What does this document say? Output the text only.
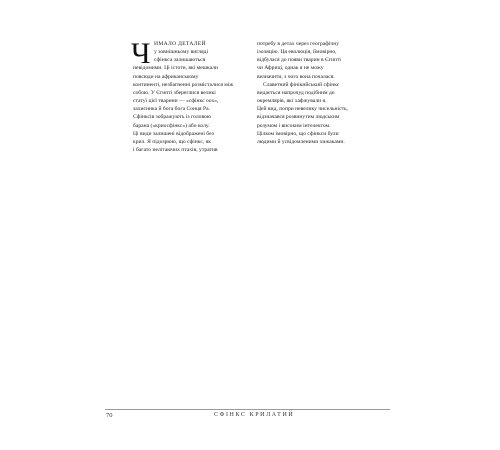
Ч ИМАЛО ДЕТАЛЕЙ
у зовнішньому вигляді
сфінкса залишаються
невідомими. Ці істоти, які мешкали
повсюди на африканському
континенті, незбагненні розмісталися між
собою. У Єгипті збереглися великі
статуї цієї тварини — «сфінкс оох»,
захисника й бога бога Сонця Ра.
Сфінксів зображують із головою
барана («криосфінкс») або колу.
Ці види залишені відображені без
крил. Я підозрюю, що сфінкс, як
і багато нелітаючих птахів, утратив
потребу в детах через географічну
ізоляцію. Ця еволюція, ймовірно,
відбулася до появи тварин в Єгипті
чи Африці, однак я не можу
визначити, з чого вона почалася.
Славетний фінікийський сфінкс
видається напрочуд подібним до
окремлярів, які хафжували я.
Цей вид, попри невелику чисельність,
відзначався розвинутим людським
розумом і високим інтелектом.
Цілком імовірно, що сфінкси були
людими й усвідомленими хижаками.
70	СФІНКС КРИЛАТИЙ
